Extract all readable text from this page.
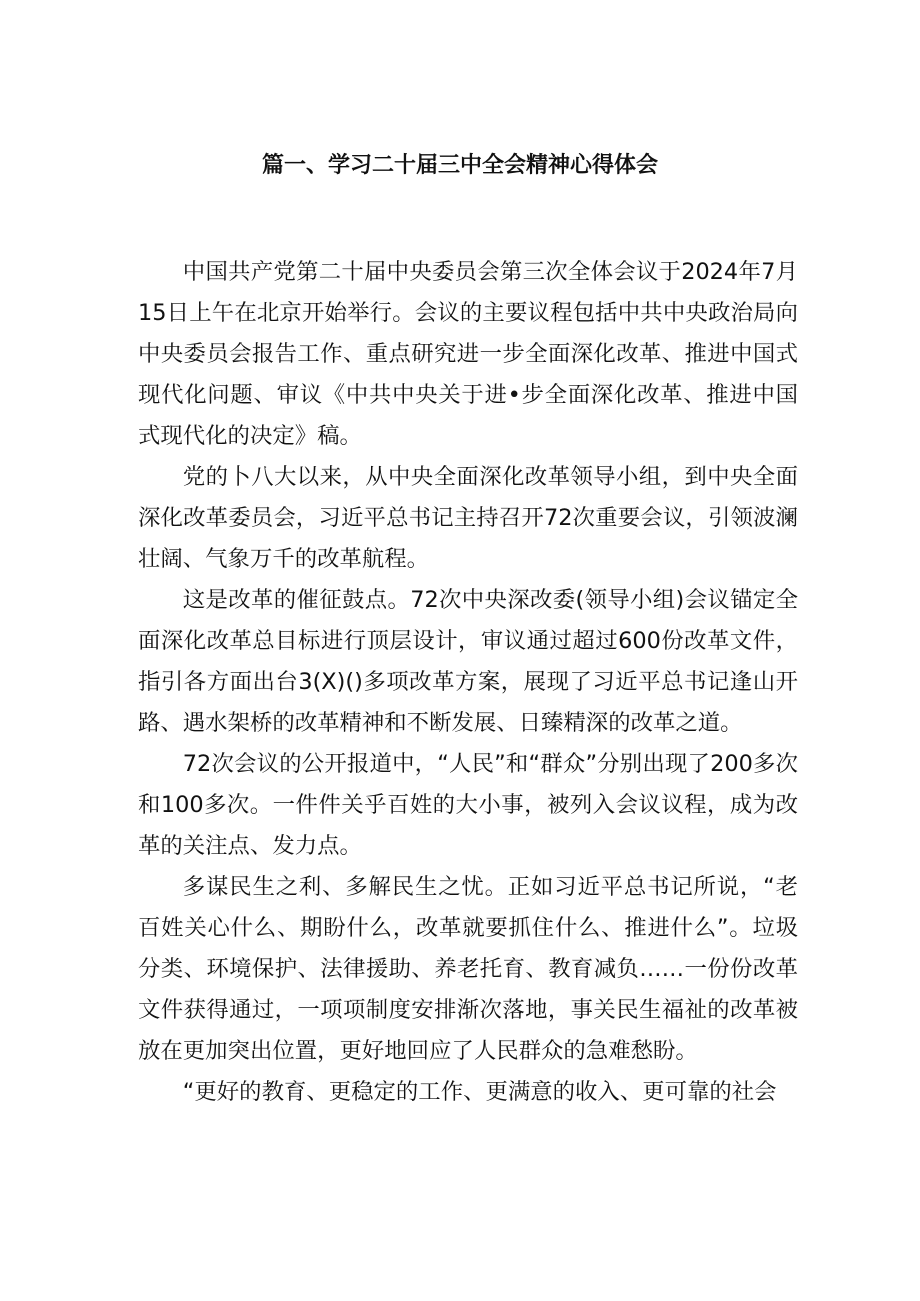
篇一、学习二十届三中全会精神心得体会

中国共产党第二十届中央委员会第三次全体会议于2024年7月15日上午在北京开始举行。会议的主要议程包括中共中央政治局向中央委员会报告工作、重点研究进一步全面深化改革、推进中国式现代化问题、审议《中共中央关于进•步全面深化改革、推进中国式现代化的决定》稿。

党的卜八大以来，从中央全面深化改革领导小组，到中央全面深化改革委员会，习近平总书记主持召开72次重要会议，引领波澜壮阔、气象万千的改革航程。

这是改革的催征鼓点。72次中央深改委(领导小组)会议锚定全面深化改革总目标进行顶层设计，审议通过超过600份改革文件，指引各方面出台3(X)()多项改革方案，展现了习近平总书记逢山开路、遇水架桥的改革精神和不断发展、日臻精深的改革之道。

72次会议的公开报道中，“人民”和“群众”分别出现了200多次和100多次。一件件关乎百姓的大小事，被列入会议议程，成为改革的关注点、发力点。

多谋民生之利、多解民生之忧。正如习近平总书记所说，“老百姓关心什么、期盼什么，改革就要抓住什么、推进什么”。垃圾分类、环境保护、法律援助、养老托育、教育减负……一份份改革文件获得通过，一项项制度安排渐次落地，事关民生福祉的改革被放在更加突出位置，更好地回应了人民群众的急难愁盼。

“更好的教育、更稳定的工作、更满意的收入、更可靠的社会
